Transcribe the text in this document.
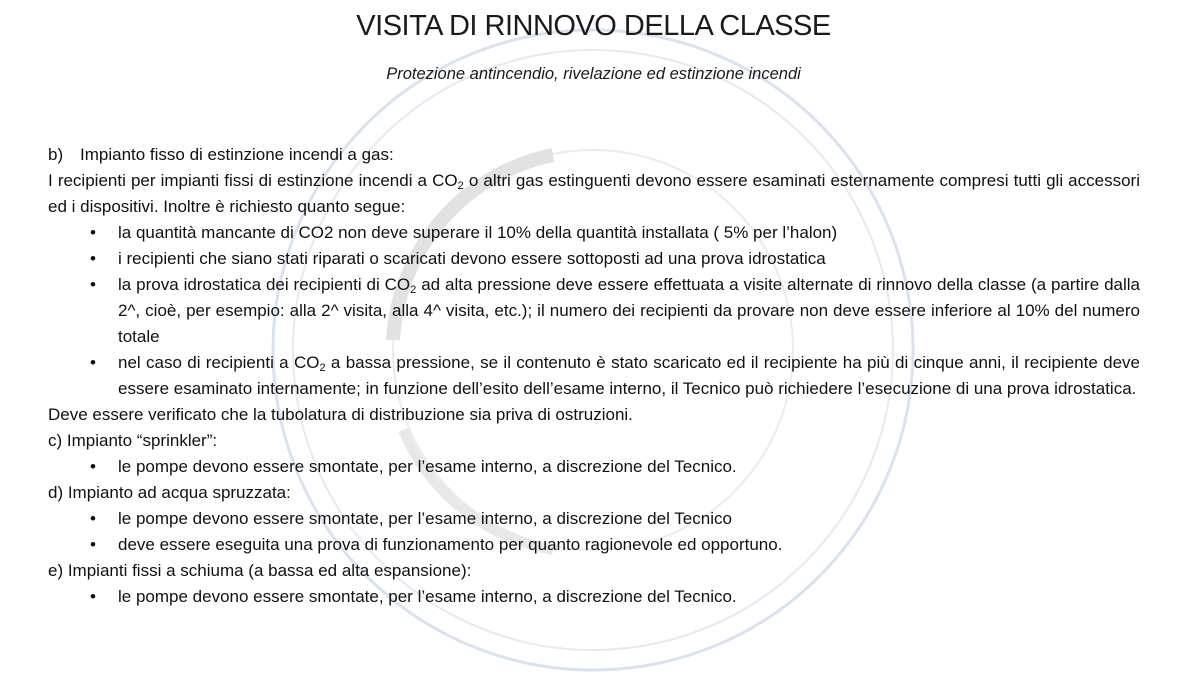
VISITA DI RINNOVO DELLA CLASSE

Protezione antincendio, rivelazione ed estinzione incendi

b) Impianto fisso di estinzione incendi a gas:

I recipienti per impianti fissi di estinzione incendi a $CO_2$ o altri gas estinguenti devono essere esaminati esternamente compresi tutti gli accessori ed i dispositivi. Inoltre è richiesto quanto segue:

• la quantità mancante di CO2 non deve superare il 10% della quantità installata ( 5% per l’halon)
• i recipienti che siano stati riparati o scaricati devono essere sottoposti ad una prova idrostatica
• la prova idrostatica dei recipienti di $CO_2$ ad alta pressione deve essere effettuata a visite alternate di rinnovo della classe (a partire dalla 2^, cioè, per esempio: alla 2^ visita, alla 4^ visita, etc.); il numero dei recipienti da provare non deve essere inferiore al 10% del numero totale
• nel caso di recipienti a $CO_2$ a bassa pressione, se il contenuto è stato scaricato ed il recipiente ha più di cinque anni, il recipiente deve essere esaminato internamente; in funzione dell’esito dell’esame interno, il Tecnico può richiedere l’esecuzione di una prova idrostatica.

Deve essere verificato che la tubolatura di distribuzione sia priva di ostruzioni.

c) Impianto “sprinkler”:

• le pompe devono essere smontate, per l’esame interno, a discrezione del Tecnico.

d) Impianto ad acqua spruzzata:

• le pompe devono essere smontate, per l’esame interno, a discrezione del Tecnico
• deve essere eseguita una prova di funzionamento per quanto ragionevole ed opportuno.

e) Impianti fissi a schiuma (a bassa ed alta espansione):

• le pompe devono essere smontate, per l’esame interno, a discrezione del Tecnico.
